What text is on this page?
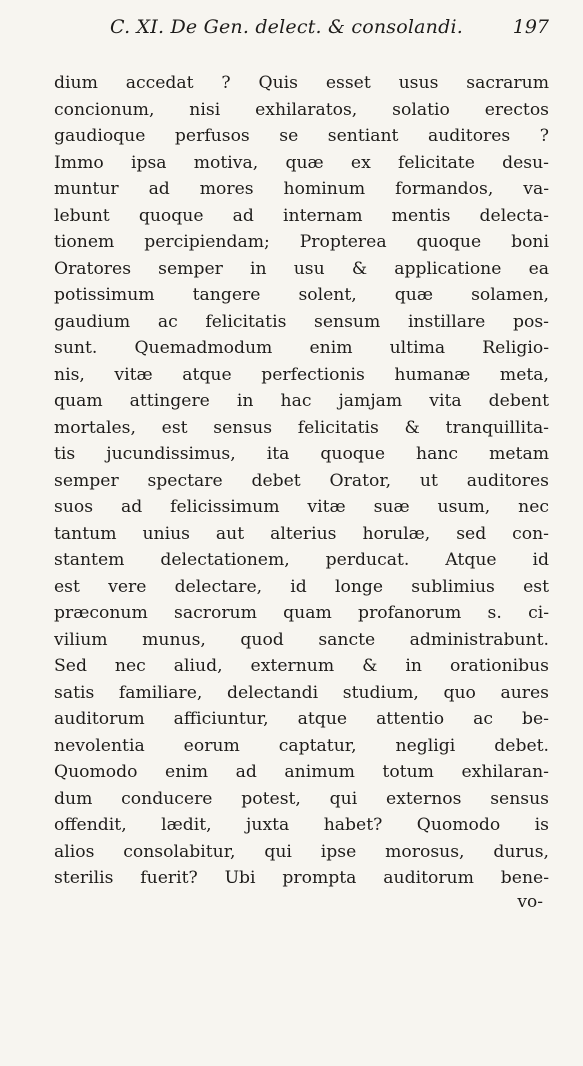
C. XI. De Gen. delect. & consolandi.	197
dium accedat ? Quis esset usus sacrarum
concionum, nisi exhilaratos, solatio erectos
gaudioque perfusos se sentiant auditores ?
Immo ipsa motiva, quæ ex felicitate desu-
muntur ad mores hominum formandos, va-
lebunt quoque ad internam mentis delecta-
tionem percipiendam; Propterea quoque boni
Oratores semper in usu & applicatione ea
potissimum tangere solent, quæ solamen,
gaudium ac felicitatis sensum instillare pos-
sunt. Quemadmodum enim ultima Religio-
nis, vitæ atque perfectionis humanæ meta,
quam attingere in hac jamjam vita debent
mortales, est sensus felicitatis & tranquillita-
tis jucundissimus, ita quoque hanc metam
semper spectare debet Orator, ut auditores
suos ad felicissimum vitæ suæ usum, nec
tantum unius aut alterius horulæ, sed con-
stantem delectationem, perducat. Atque id
est vere delectare, id longe sublimius est
præconum sacrorum quam profanorum s. ci-
vilium munus, quod sancte administrabunt.
Sed nec aliud, externum & in orationibus
satis familiare, delectandi studium, quo aures
auditorum afficiuntur, atque attentio ac be-
nevolentia eorum captatur, negligi debet.
Quomodo enim ad animum totum exhilaran-
dum conducere potest, qui externos sensus
offendit, lædit, juxta habet? Quomodo is
alios consolabitur, qui ipse morosus, durus,
sterilis fuerit? Ubi prompta auditorum bene-
vo-
